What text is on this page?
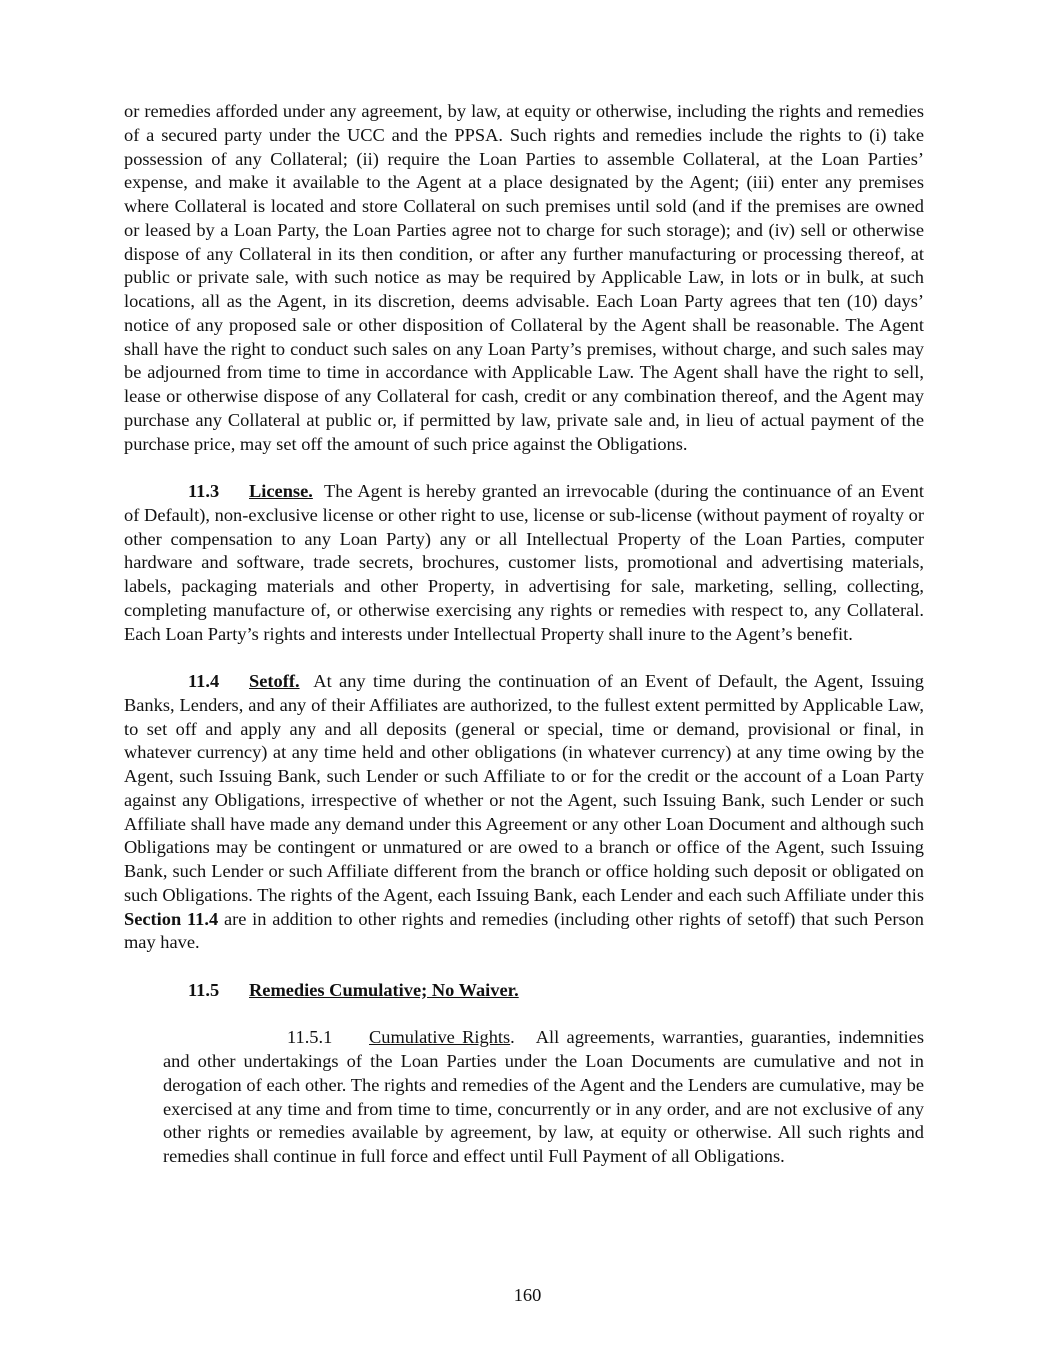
or remedies afforded under any agreement, by law, at equity or otherwise, including the rights and remedies of a secured party under the UCC and the PPSA. Such rights and remedies include the rights to (i) take possession of any Collateral; (ii) require the Loan Parties to assemble Collateral, at the Loan Parties’ expense, and make it available to the Agent at a place designated by the Agent; (iii) enter any premises where Collateral is located and store Collateral on such premises until sold (and if the premises are owned or leased by a Loan Party, the Loan Parties agree not to charge for such storage); and (iv) sell or otherwise dispose of any Collateral in its then condition, or after any further manufacturing or processing thereof, at public or private sale, with such notice as may be required by Applicable Law, in lots or in bulk, at such locations, all as the Agent, in its discretion, deems advisable. Each Loan Party agrees that ten (10) days’ notice of any proposed sale or other disposition of Collateral by the Agent shall be reasonable. The Agent shall have the right to conduct such sales on any Loan Party’s premises, without charge, and such sales may be adjourned from time to time in accordance with Applicable Law. The Agent shall have the right to sell, lease or otherwise dispose of any Collateral for cash, credit or any combination thereof, and the Agent may purchase any Collateral at public or, if permitted by law, private sale and, in lieu of actual payment of the purchase price, may set off the amount of such price against the Obligations.

11.3 License. The Agent is hereby granted an irrevocable (during the continuance of an Event of Default), non-exclusive license or other right to use, license or sub-license (without payment of royalty or other compensation to any Loan Party) any or all Intellectual Property of the Loan Parties, computer hardware and software, trade secrets, brochures, customer lists, promotional and advertising materials, labels, packaging materials and other Property, in advertising for sale, marketing, selling, collecting, completing manufacture of, or otherwise exercising any rights or remedies with respect to, any Collateral. Each Loan Party’s rights and interests under Intellectual Property shall inure to the Agent’s benefit.

11.4 Setoff. At any time during the continuation of an Event of Default, the Agent, Issuing Banks, Lenders, and any of their Affiliates are authorized, to the fullest extent permitted by Applicable Law, to set off and apply any and all deposits (general or special, time or demand, provisional or final, in whatever currency) at any time held and other obligations (in whatever currency) at any time owing by the Agent, such Issuing Bank, such Lender or such Affiliate to or for the credit or the account of a Loan Party against any Obligations, irrespective of whether or not the Agent, such Issuing Bank, such Lender or such Affiliate shall have made any demand under this Agreement or any other Loan Document and although such Obligations may be contingent or unmatured or are owed to a branch or office of the Agent, such Issuing Bank, such Lender or such Affiliate different from the branch or office holding such deposit or obligated on such Obligations. The rights of the Agent, each Issuing Bank, each Lender and each such Affiliate under this Section 11.4 are in addition to other rights and remedies (including other rights of setoff) that such Person may have.

11.5 Remedies Cumulative; No Waiver.

11.5.1 Cumulative Rights.   All agreements, warranties, guaranties, indemnities and other undertakings of the Loan Parties under the Loan Documents are cumulative and not in derogation of each other. The rights and remedies of the Agent and the Lenders are cumulative, may be exercised at any time and from time to time, concurrently or in any order, and are not exclusive of any other rights or remedies available by agreement, by law, at equity or otherwise. All such rights and remedies shall continue in full force and effect until Full Payment of all Obligations.

160
